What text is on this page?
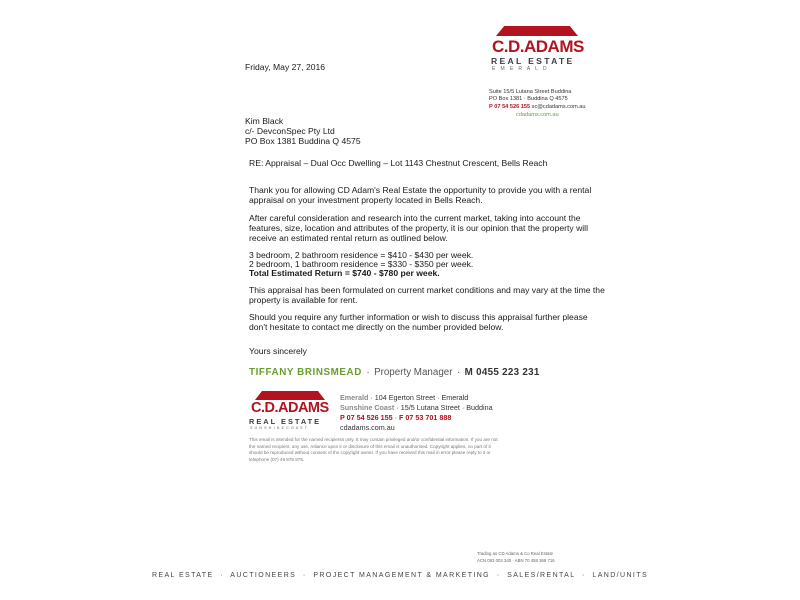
Friday, May 27, 2016
Kim Black
c/- DevconSpec Pty Ltd
PO Box 1381 Buddina Q 4575
C.D.ADAMS
REAL ESTATE
E M E R A L D
Suite 15/5 Lutana Street Buddina
PO Box 1381 · Buddina Q 4575
P 07 54 526 155 sc@cdadams.com.au
cdadams.com.au
RE: Appraisal – Dual Occ Dwelling – Lot 1143 Chestnut Crescent, Bells Reach
Thank you for allowing CD Adam's Real Estate the opportunity to provide you with a rental
appraisal on your investment property located in Bells Reach.
After careful consideration and research into the current market, taking into account the
features, size, location and attributes of the property, it is our opinion that the property will
receive an estimated rental return as outlined below.
3 bedroom, 2 bathroom residence = $410 - $430 per week.
2 bedroom, 1 bathroom residence = $330 - $350 per week.
Total Estimated Return = $740 - $780 per week.
This appraisal has been formulated on current market conditions and may vary at the time the
property is available for rent.
Should you require any further information or wish to discuss this appraisal further please
don't hesitate to contact me directly on the number provided below.
Yours sincerely
TIFFANY BRINSMEAD · Property Manager · M 0455 223 231
C.D.ADAMS
REAL ESTATE
S U N S H I N E C O A S T
Emerald · 104 Egerton Street · Emerald
Sunshine Coast · 15/5 Lutana Street · Buddina
P 07 54 526 155 · F 07 53 701 888
cdadams.com.au
This email is intended for the named recipients only. It may contain privileged and/or confidential information. If you are not the named recipient, any use, reliance upon it or disclosure of this email is unauthorised. Copyright applies, no part of it should be reproduced without consent of the copyright owner. If you have received this mail in error please reply to it or telephone (07) 49 875 875.
Trading as CD Adams & Co Real Estate
ACN 083 002 340 · ABN 70 458 369 716
REAL ESTATE  ·  AUCTIONEERS  ·  PROJECT MANAGEMENT & MARKETING  ·  SALES/RENTAL  ·  LAND/UNITS
